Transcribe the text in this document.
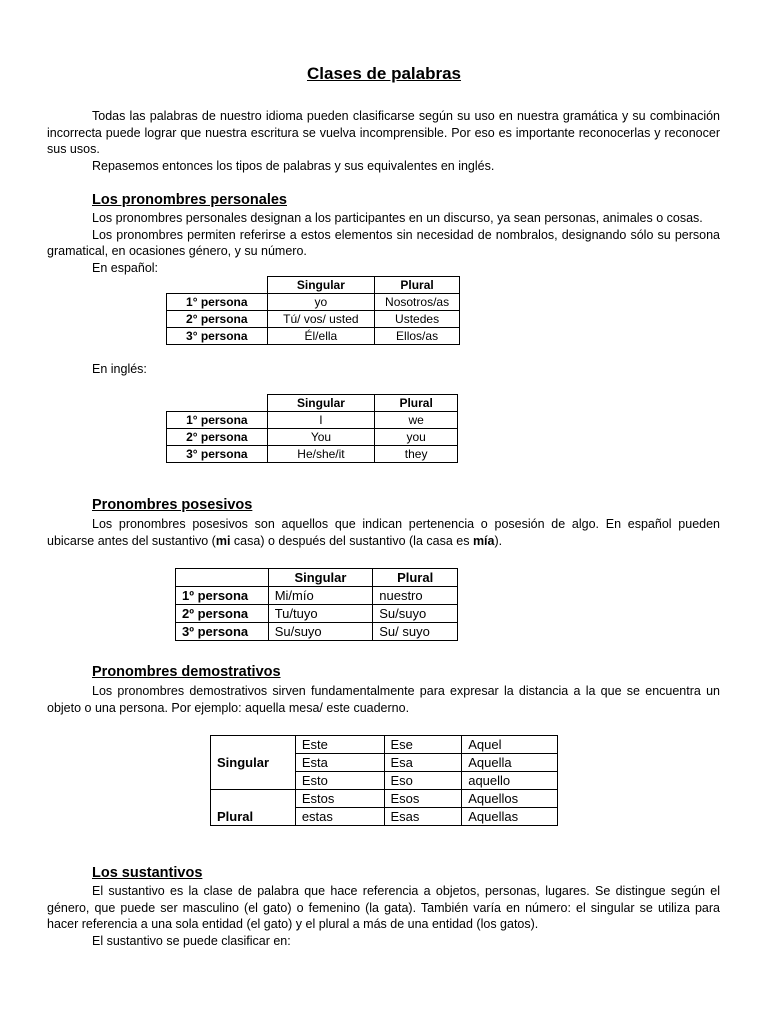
Clases de palabras

Todas las palabras de nuestro idioma pueden clasificarse según su uso en nuestra gramática y su combinación incorrecta puede lograr que nuestra escritura se vuelva incomprensible. Por eso es importante reconocerlas y reconocer sus usos.

Repasemos entonces los tipos de palabras y sus equivalentes en inglés.

Los pronombres personales

Los pronombres personales designan a los participantes en un discurso, ya sean personas, animales o cosas.

Los pronombres permiten referirse a estos elementos sin necesidad de nombralos, designando sólo su persona gramatical, en ocasiones género, y su número.

En español:
	Singular	Plural
1° persona	yo	Nosotros/as
2° persona	Tú/ vos/ usted	Ustedes
3° persona	Él/ella	Ellos/as
En inglés:
	Singular	Plural
1° persona	I	we
2° persona	You	you
3° persona	He/she/it	they
Pronombres posesivos

Los pronombres posesivos son aquellos que indican pertenencia o posesión de algo. En español pueden ubicarse antes del sustantivo (mi casa) o después del sustantivo (la casa es mía).

	Singular	Plural
1º persona	Mi/mío	nuestro
2º persona	Tu/tuyo	Su/suyo
3º persona	Su/suyo	Su/ suyo
Pronombres demostrativos

Los pronombres demostrativos sirven fundamentalmente para expresar la distancia a la que se encuentra un objeto o una persona. Por ejemplo: aquella mesa/ este cuaderno.

Singular	Este	Ese	Aquel
	Esta	Esa	Aquella
	Esto	Eso	aquello
Plural	Estos	Esos	Aquellos
	estas	Esas	Aquellas
Los sustantivos

El sustantivo es la clase de palabra que hace referencia a objetos, personas, lugares. Se distingue según el género, que puede ser masculino (el gato) o femenino (la gata). También varía en número: el singular se utiliza para hacer referencia a una sola entidad (el gato) y el plural a más de una entidad (los gatos).

El sustantivo se puede clasificar en:
